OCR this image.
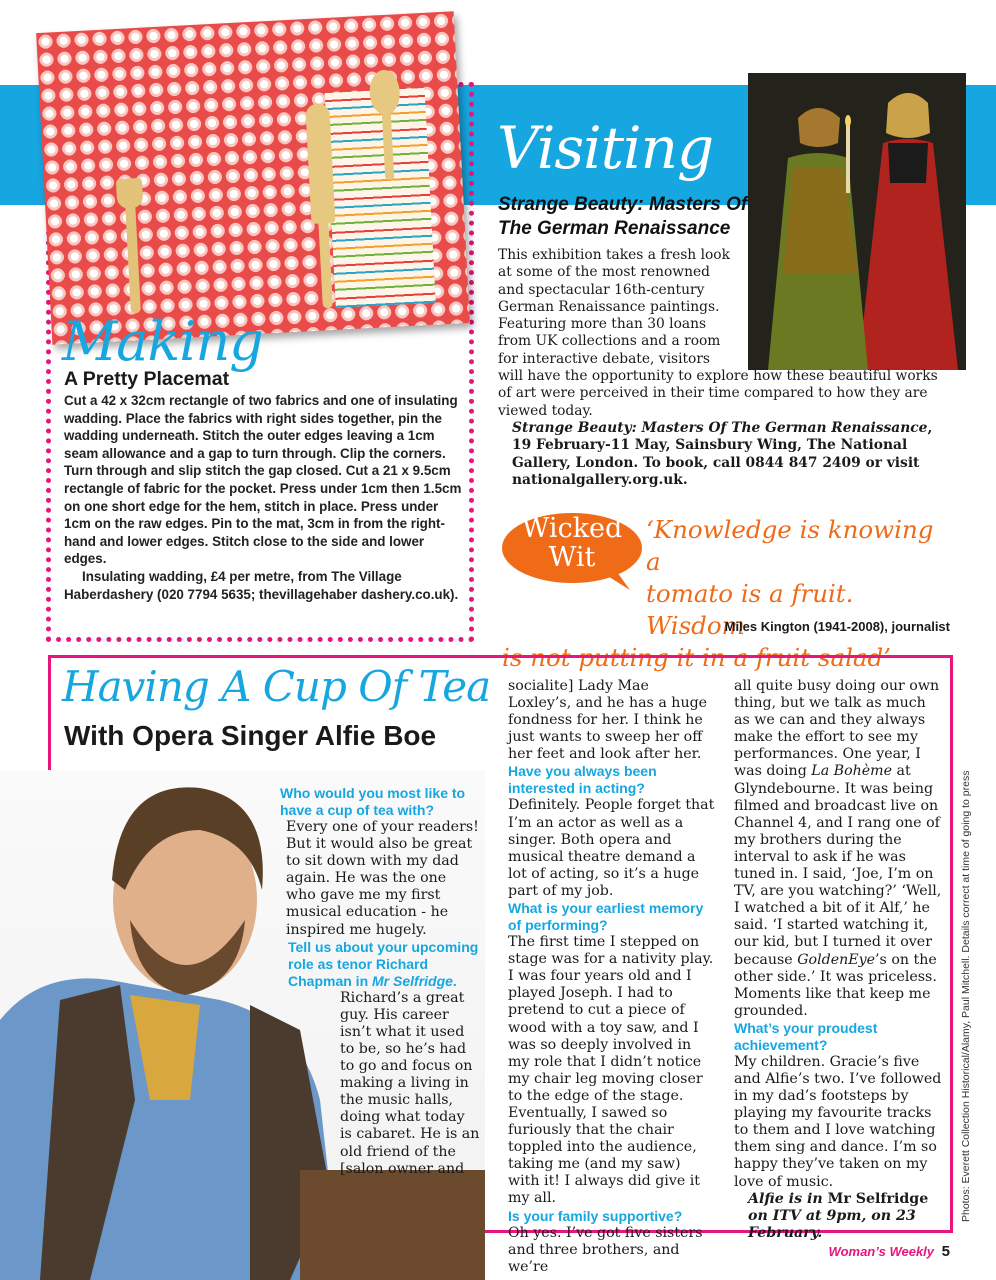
Making
A Pretty Placemat
Cut a 42 x 32cm rectangle of two fabrics and one of insulating wadding. Place the fabrics with right sides together, pin the wadding underneath. Stitch the outer edges leaving a 1cm seam allowance and a gap to turn through. Clip the corners. Turn through and slip stitch the gap closed. Cut a 21 x 9.5cm rectangle of fabric for the pocket. Press under 1cm then 1.5cm on one short edge for the hem, stitch in place. Press under 1cm on the raw edges. Pin to the mat, 3cm in from the right-hand and lower edges. Stitch close to the side and lower edges.
Insulating wadding, £4 per metre, from The Village Haberdashery (020 7794 5635; thevillagehaber dashery.co.uk).
Visiting
Strange Beauty: Masters Of
The German Renaissance
This exhibition takes a fresh look at some of the most renowned and spectacular 16th-century German Renaissance paintings. Featuring more than 30 loans from UK collections and a room for interactive debate, visitors will have the opportunity to explore how these beautiful works of art were perceived in their time compared to how they are viewed today.
Strange Beauty: Masters Of The German Renaissance, 19 February-11 May, Sainsbury Wing, The National Gallery, London. To book, call 0844 847 2409 or visit nationalgallery.org.uk.
Wicked
Wit
‘Knowledge is knowing a
tomato is a fruit. Wisdom
is not putting it in a fruit salad’
Miles Kington (1941-2008), journalist
Having A Cup Of Tea
With Opera Singer Alfie Boe
Who would you most like to have a cup of tea with?
Every one of your readers! But it would also be great to sit down with my dad again. He was the one who gave me my first musical education - he inspired me hugely.
Tell us about your upcoming role as tenor Richard Chapman in Mr Selfridge.
Richard’s a great guy. His career isn’t what it used to be, so he’s had to go and focus on making a living in the music halls, doing what today is cabaret. He is an old friend of the [salon owner and
socialite] Lady Mae Loxley’s, and he has a huge fondness for her. I think he just wants to sweep her off her feet and look after her.
Have you always been interested in acting?
Definitely. People forget that I’m an actor as well as a singer. Both opera and musical theatre demand a lot of acting, so it’s a huge part of my job.
What is your earliest memory of performing?
The first time I stepped on stage was for a nativity play. I was four years old and I played Joseph. I had to pretend to cut a piece of wood with a toy saw, and I was so deeply involved in my role that I didn’t notice my chair leg moving closer to the edge of the stage. Eventually, I sawed so furiously that the chair toppled into the audience, taking me (and my saw) with it! I always did give it my all.
Is your family supportive?
Oh yes. I’ve got five sisters and three brothers, and we’re
all quite busy doing our own thing, but we talk as much as we can and they always make the effort to see my performances. One year, I was doing La Bohème at Glyndebourne. It was being filmed and broadcast live on Channel 4, and I rang one of my brothers during the interval to ask if he was tuned in. I said, ‘Joe, I’m on TV, are you watching?’ ‘Well, I watched a bit of it Alf,’ he said. ‘I started watching it, our kid, but I turned it over because GoldenEye’s on the other side.’ It was priceless. Moments like that keep me grounded.
What’s your proudest achievement?
My children. Gracie’s five and Alfie’s two. I’ve followed in my dad’s footsteps by playing my favourite tracks to them and I love watching them sing and dance. I’m so happy they’ve taken on my love of music.
Alfie is in Mr Selfridge on ITV at 9pm, on 23 February.
Photos: Everett Collection Historical/Alamy, Paul Mitchell. Details correct at time of going to press
Woman’s Weekly 5
